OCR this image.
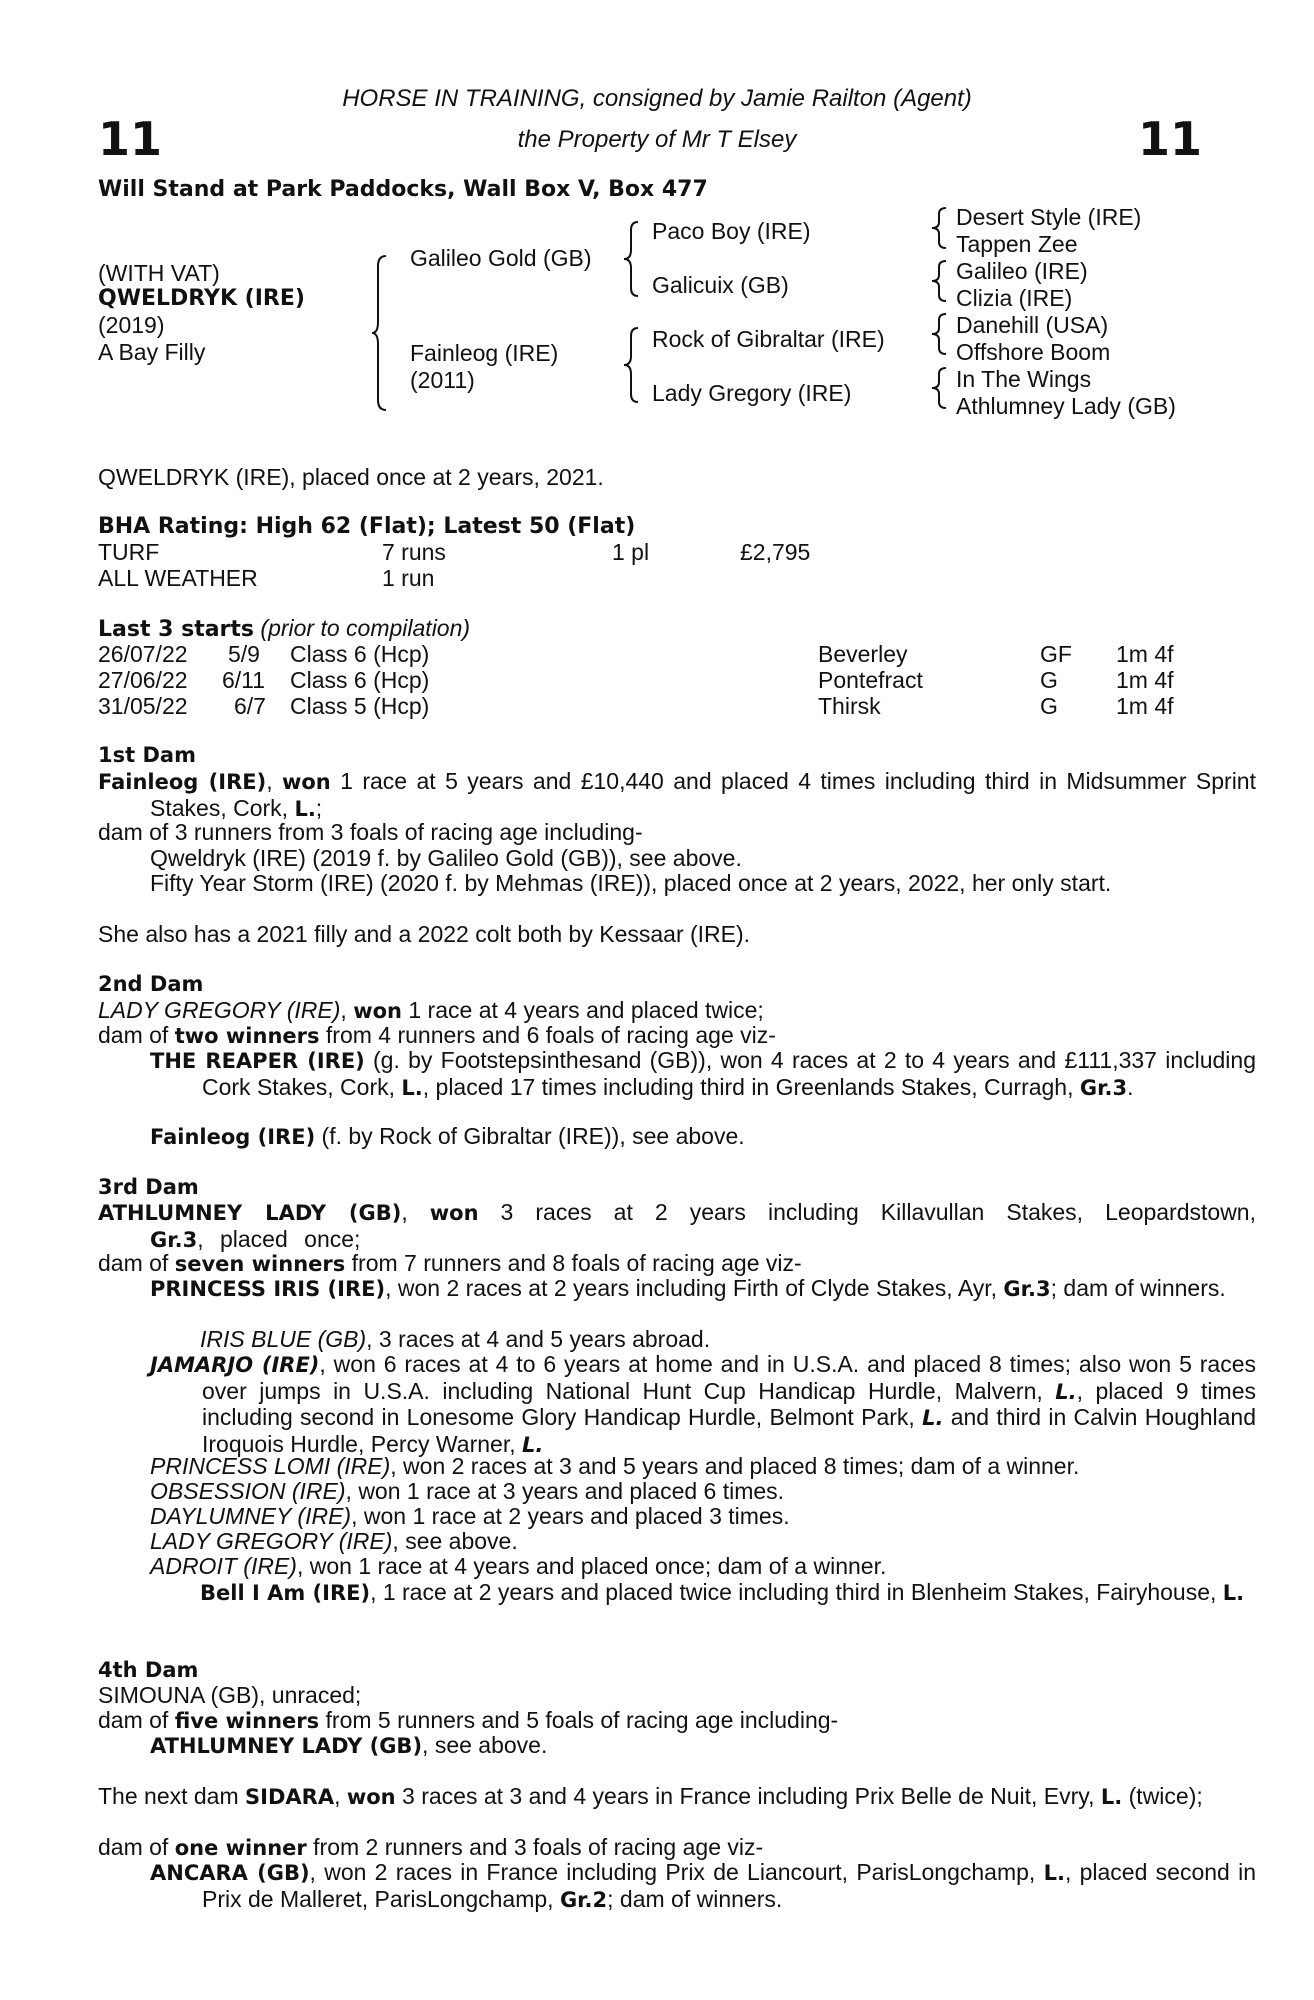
HORSE IN TRAINING, consigned by Jamie Railton (Agent)
the Property of Mr T Elsey
11	11
Will Stand at Park Paddocks, Wall Box V, Box 477
(WITH VAT)
QWELDRYK (IRE)
(2019)
A Bay Filly
Galileo Gold (GB)
Fainleog (IRE)
(2011)
Paco Boy (IRE)
Galicuix (GB)
Rock of Gibraltar (IRE)
Lady Gregory (IRE)
Desert Style (IRE)
Tappen Zee
Galileo (IRE)
Clizia (IRE)
Danehill (USA)
Offshore Boom
In The Wings
Athlumney Lady (GB)
QWELDRYK (IRE), placed once at 2 years, 2021.
BHA Rating: High 62 (Flat); Latest 50 (Flat)
TURF	7 runs	1 pl	£2,795
ALL WEATHER	1 run
Last 3 starts (prior to compilation)
26/07/22 5/9 Class 6 (Hcp)	Beverley	GF 1m 4f
27/06/22 6/11 Class 6 (Hcp)	Pontefract	G	1m 4f
31/05/22 6/7 Class 5 (Hcp)	Thirsk	G	1m 4f
1st Dam
Fainleog (IRE), won 1 race at 5 years and £10,440 and placed 4 times including third in Midsummer Sprint Stakes, Cork, L.;
dam of 3 runners from 3 foals of racing age including-
Qweldryk (IRE) (2019 f. by Galileo Gold (GB)), see above.
Fifty Year Storm (IRE) (2020 f. by Mehmas (IRE)), placed once at 2 years, 2022, her only start.
She also has a 2021 filly and a 2022 colt both by Kessaar (IRE).
2nd Dam
LADY GREGORY (IRE), won 1 race at 4 years and placed twice;
dam of two winners from 4 runners and 6 foals of racing age viz-
THE REAPER (IRE) (g. by Footstepsinthesand (GB)), won 4 races at 2 to 4 years and £111,337 including Cork Stakes, Cork, L., placed 17 times including third in Greenlands Stakes, Curragh, Gr.3.
Fainleog (IRE) (f. by Rock of Gibraltar (IRE)), see above.
3rd Dam
ATHLUMNEY LADY (GB), won 3 races at 2 years including Killavullan Stakes, Leopardstown, Gr.3, placed once;
dam of seven winners from 7 runners and 8 foals of racing age viz-
PRINCESS IRIS (IRE), won 2 races at 2 years including Firth of Clyde Stakes, Ayr, Gr.3; dam of winners.
IRIS BLUE (GB), 3 races at 4 and 5 years abroad.
JAMARJO (IRE), won 6 races at 4 to 6 years at home and in U.S.A. and placed 8 times; also won 5 races over jumps in U.S.A. including National Hunt Cup Handicap Hurdle, Malvern, L., placed 9 times including second in Lonesome Glory Handicap Hurdle, Belmont Park, L. and third in Calvin Houghland Iroquois Hurdle, Percy Warner, L.
PRINCESS LOMI (IRE), won 2 races at 3 and 5 years and placed 8 times; dam of a winner.
OBSESSION (IRE), won 1 race at 3 years and placed 6 times.
DAYLUMNEY (IRE), won 1 race at 2 years and placed 3 times.
LADY GREGORY (IRE), see above.
ADROIT (IRE), won 1 race at 4 years and placed once; dam of a winner.
Bell I Am (IRE), 1 race at 2 years and placed twice including third in Blenheim Stakes, Fairyhouse, L.
4th Dam
SIMOUNA (GB), unraced;
dam of five winners from 5 runners and 5 foals of racing age including-
ATHLUMNEY LADY (GB), see above.
The next dam SIDARA, won 3 races at 3 and 4 years in France including Prix Belle de Nuit, Evry, L. (twice);
dam of one winner from 2 runners and 3 foals of racing age viz-
ANCARA (GB), won 2 races in France including Prix de Liancourt, ParisLongchamp, L., placed second in Prix de Malleret, ParisLongchamp, Gr.2; dam of winners.
